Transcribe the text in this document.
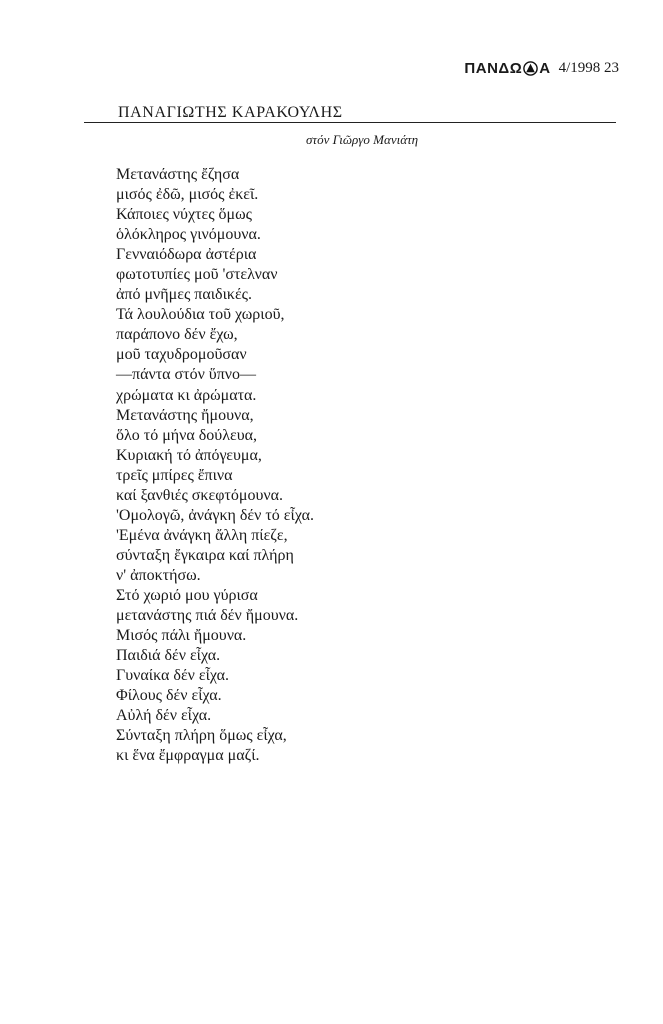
ΠΑΝΔΩ Α 4/1998 23
ΠΑΝΑΓΙΩΤΗΣ ΚΑΡΑΚΟΥΛΗΣ
στόν Γιῶργο Μανιάτη
Μετανάστης ἔζησα
μισός ἐδῶ, μισός ἐκεῖ.
Κάποιες νύχτες ὅμως
ὁλόκληρος γινόμουνα.
Γενναιόδωρα ἀστέρια
φωτοτυπίες μοῦ 'στελναν
ἀπό μνῆμες παιδικές.
Τά λουλούδια τοῦ χωριοῦ,
παράπονο δέν ἔχω,
μοῦ ταχυδρομοῦσαν
—πάντα στόν ὕπνο—
χρώματα κι ἀρώματα.
Μετανάστης ἤμουνα,
ὅλο τό μήνα δούλευα,
Κυριακή τό ἀπόγευμα,
τρεῖς μπίρες ἔπινα
καί ξανθιές σκεφτόμουνα.
'Ομολογῶ, ἀνάγκη δέν τό εἶχα.
'Εμένα ἀνάγκη ἄλλη πίεζε,
σύνταξη ἔγκαιρα καί πλήρη
ν' ἀποκτήσω.
Στό χωριό μου γύρισα
μετανάστης πιά δέν ἤμουνα.
Μισός πάλι ἤμουνα.
Παιδιά δέν εἶχα.
Γυναίκα δέν εἶχα.
Φίλους δέν εἶχα.
Αὐλή δέν εἶχα.
Σύνταξη πλήρη ὅμως εἶχα,
κι ἕνα ἔμφραγμα μαζί.
